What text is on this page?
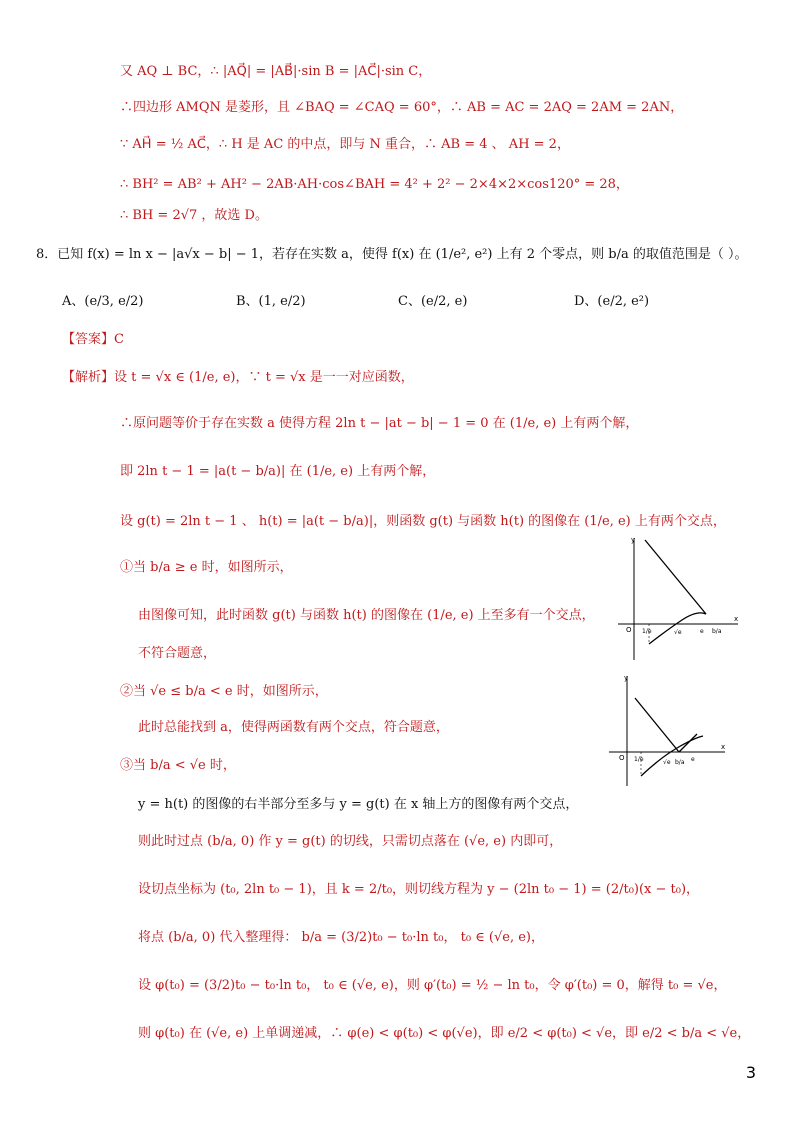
又 AQ ⊥ BC，∴ |AQ⃗| = |AB⃗|·sin B = |AC⃗|·sin C，
∴四边形 AMQN 是菱形，且 ∠BAQ = ∠CAQ = 60°，∴ AB = AC = 2AQ = 2AM = 2AN，
∵ AH⃗ = ½ AC⃗，∴ H 是 AC 的中点，即与 N 重合，∴ AB = 4 、 AH = 2，
∴ BH² = AB² + AH² − 2AB·AH·cos∠BAH = 4² + 2² − 2×4×2×cos120° = 28，
∴ BH = 2√7 ，故选 D。
8．已知 f(x) = ln x − |a√x − b| − 1，若存在实数 a，使得 f(x) 在 (1/e², e²) 上有 2 个零点，则 b/a 的取值范围是（ ）。
A、(e/3, e/2)	B、(1, e/2)	C、(e/2, e)	D、(e/2, e²)
【答案】C
【解析】设 t = √x ∈ (1/e, e)，∵ t = √x 是一一对应函数，
∴原问题等价于存在实数 a 使得方程 2ln t − |at − b| − 1 = 0 在 (1/e, e) 上有两个解，
即 2ln t − 1 = |a(t − b/a)| 在 (1/e, e) 上有两个解，
设 g(t) = 2ln t − 1 、 h(t) = |a(t − b/a)|，则函数 g(t) 与函数 h(t) 的图像在 (1/e, e) 上有两个交点，
①当 b/a ≥ e 时，如图所示，
由图像可知，此时函数 g(t) 与函数 h(t) 的图像在 (1/e, e) 上至多有一个交点，
不符合题意，
②当 √e ≤ b/a < e 时，如图所示，
此时总能找到 a，使得两函数有两个交点，符合题意，
③当 b/a < √e 时，
y = h(t) 的图像的右半部分至多与 y = g(t) 在 x 轴上方的图像有两个交点，
则此时过点 (b/a, 0) 作 y = g(t) 的切线，只需切点落在 (√e, e) 内即可，
设切点坐标为 (t₀, 2ln t₀ − 1)，且 k = 2/t₀，则切线方程为 y − (2ln t₀ − 1) = (2/t₀)(x − t₀)，
将点 (b/a, 0) 代入整理得： b/a = (3/2)t₀ − t₀·ln t₀， t₀ ∈ (√e, e)，
设 φ(t₀) = (3/2)t₀ − t₀·ln t₀， t₀ ∈ (√e, e)，则 φ′(t₀) = ½ − ln t₀，令 φ′(t₀) = 0，解得 t₀ = √e，
则 φ(t₀) 在 (√e, e) 上单调递减，∴ φ(e) < φ(t₀) < φ(√e)，即 e/2 < φ(t₀) < √e，即 e/2 < b/a < √e，
y
x
O 1/e	√e	e b/a
y
x
O 1/e	√e b/a e
3
